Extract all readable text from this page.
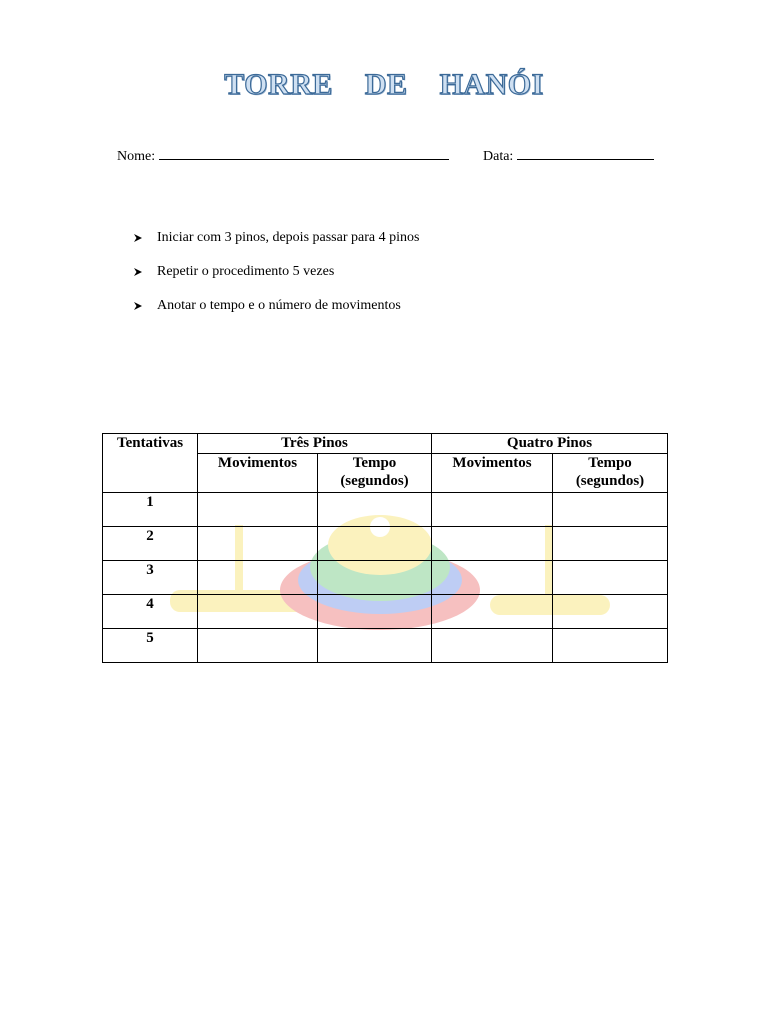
TORRE    DE    HANÓI

Nome:	Data:

Iniciar com 3 pinos, depois passar para 4 pinos
Repetir o procedimento 5 vezes
Anotar o tempo e o número de movimentos
Tentativas	Três Pinos		Quatro Pinos	
	Movimentos	Tempo (segundos)	Movimentos	Tempo (segundos)
1				
2				
3				
4				
5				
